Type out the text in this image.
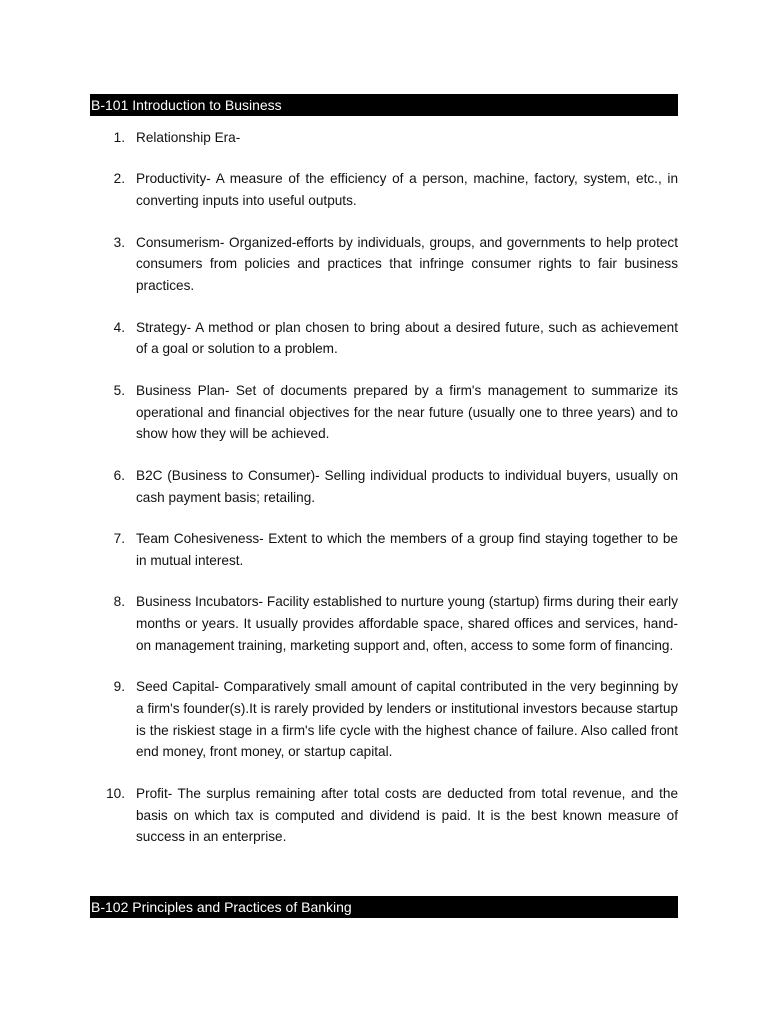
B-101 Introduction to Business
1. Relationship Era-
2. Productivity- A measure of the efficiency of a person, machine, factory, system, etc., in converting inputs into useful outputs.
3. Consumerism- Organized-efforts by individuals, groups, and governments to help protect consumers from policies and practices that infringe consumer rights to fair business practices.
4. Strategy- A method or plan chosen to bring about a desired future, such as achievement of a goal or solution to a problem.
5. Business Plan- Set of documents prepared by a firm's management to summarize its operational and financial objectives for the near future (usually one to three years) and to show how they will be achieved.
6. B2C (Business to Consumer)- Selling individual products to individual buyers, usually on cash payment basis; retailing.
7. Team Cohesiveness- Extent to which the members of a group find staying together to be in mutual interest.
8. Business Incubators- Facility established to nurture young (startup) firms during their early months or years. It usually provides affordable space, shared offices and services, hand-on management training, marketing support and, often, access to some form of financing.
9. Seed Capital- Comparatively small amount of capital contributed in the very beginning by a firm's founder(s).It is rarely provided by lenders or institutional investors because startup is the riskiest stage in a firm's life cycle with the highest chance of failure. Also called front end money, front money, or startup capital.
10. Profit- The surplus remaining after total costs are deducted from total revenue, and the basis on which tax is computed and dividend is paid. It is the best known measure of success in an enterprise.
B-102 Principles and Practices of Banking
